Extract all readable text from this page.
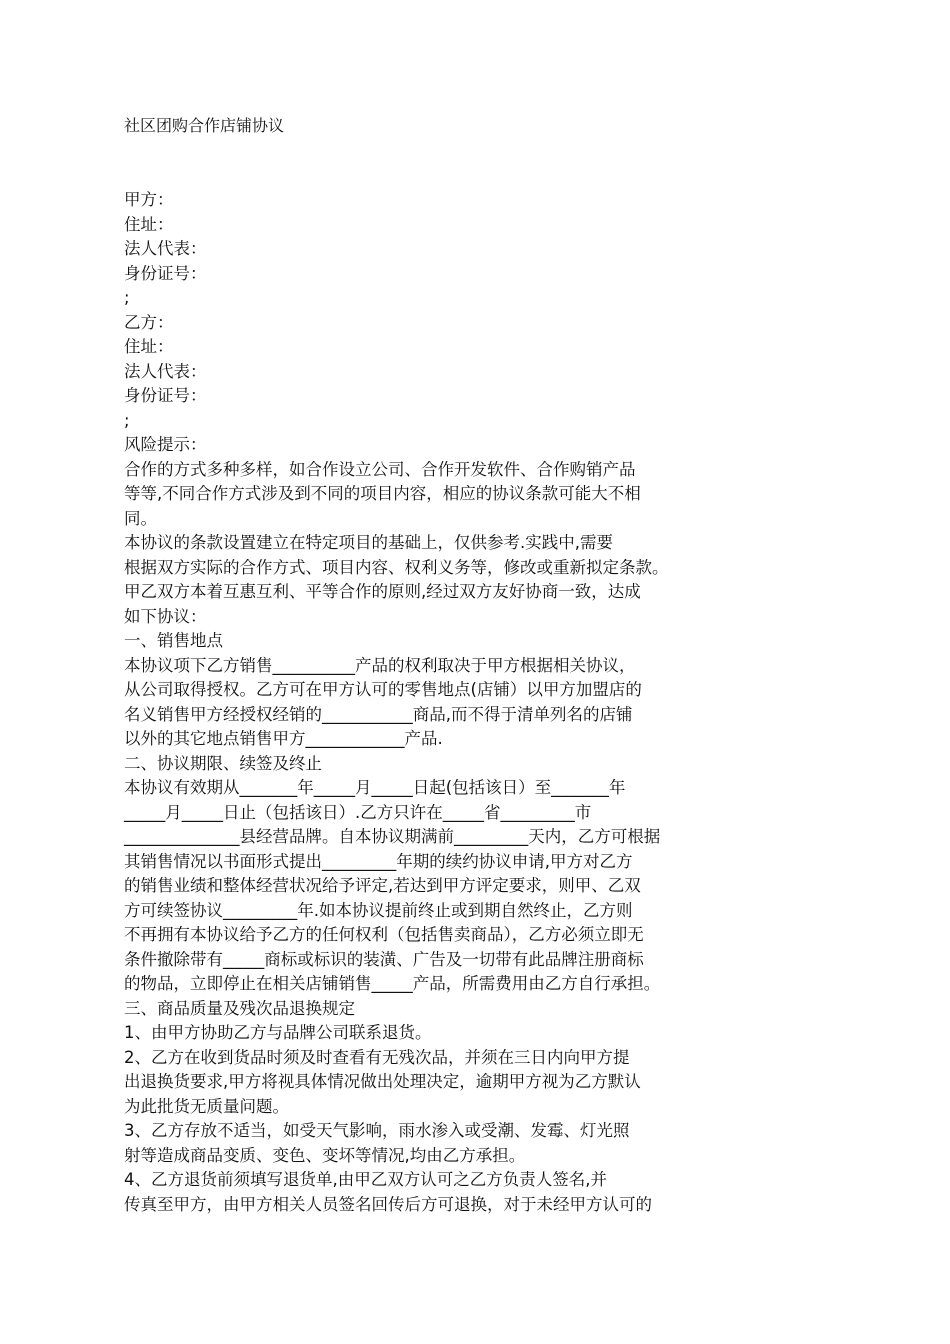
社区团购合作店铺协议
甲方：
住址：
法人代表：
身份证号：
;
乙方：
住址：
法人代表：
身份证号：
;
风险提示：
合作的方式多种多样，如合作设立公司、合作开发软件、合作购销产品
等等,不同合作方式涉及到不同的项目内容，相应的协议条款可能大不相
同。
本协议的条款设置建立在特定项目的基础上，仅供参考.实践中,需要
根据双方实际的合作方式、项目内容、权利义务等，修改或重新拟定条款。
甲乙双方本着互惠互利、平等合作的原则,经过双方友好协商一致，达成
如下协议：
一、销售地点
本协议项下乙方销售__________产品的权利取决于甲方根据相关协议，
从公司取得授权。乙方可在甲方认可的零售地点(店铺）以甲方加盟店的
名义销售甲方经授权经销的___________商品,而不得于清单列名的店铺
以外的其它地点销售甲方____________产品.
二、协议期限、续签及终止
本协议有效期从_______年_____月_____日起(包括该日）至_______年
_____月_____日止（包括该日）.乙方只许在_____省_________市
______________县经营品牌。自本协议期满前_________天内，乙方可根据
其销售情况以书面形式提出_________年期的续约协议申请,甲方对乙方
的销售业绩和整体经营状况给予评定,若达到甲方评定要求，则甲、乙双
方可续签协议_________年.如本协议提前终止或到期自然终止，乙方则
不再拥有本协议给予乙方的任何权利（包括售卖商品），乙方必须立即无
条件撤除带有_____商标或标识的装潢、广告及一切带有此品牌注册商标
的物品，立即停止在相关店铺销售_____产品，所需费用由乙方自行承担。
三、商品质量及残次品退换规定
1、由甲方协助乙方与品牌公司联系退货。
2、乙方在收到货品时须及时查看有无残次品，并须在三日内向甲方提
出退换货要求,甲方将视具体情况做出处理决定，逾期甲方视为乙方默认
为此批货无质量问题。
3、乙方存放不适当，如受天气影响，雨水渗入或受潮、发霉、灯光照
射等造成商品变质、变色、变坏等情况,均由乙方承担。
4、乙方退货前须填写退货单,由甲乙双方认可之乙方负责人签名,并
传真至甲方，由甲方相关人员签名回传后方可退换，对于未经甲方认可的
